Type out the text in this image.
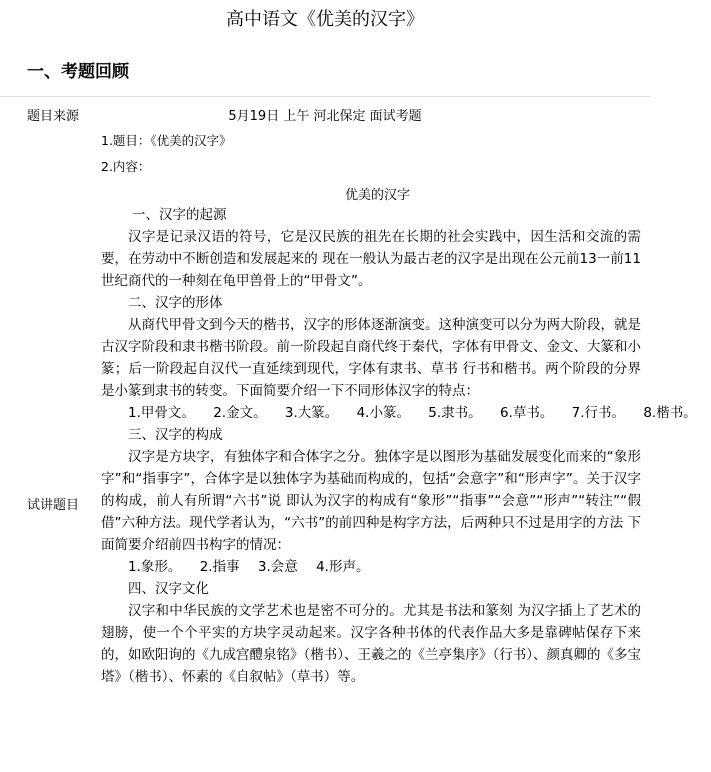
高中语文《优美的汉字》
一、考题回顾
题目来源	5月19日 上午 河北保定 面试考题
1.题目：《优美的汉字》
2.内容：
优美的汉字
试讲题目

一、汉字的起源

汉字是记录汉语的符号，它是汉民族的祖先在长期的社会实践中，因生活和交流的需要，在劳动中不断创造和发展起来的 现在一般认为最古老的汉字是出现在公元前13一前11世纪商代的一种刻在龟甲兽骨上的“甲骨文”。

二、汉字的形体

从商代甲骨文到今天的楷书，汉字的形体逐渐演变。这种演变可以分为两大阶段，就是古汉字阶段和隶书楷书阶段。前一阶段起自商代终于秦代，字体有甲骨文、金文、大篆和小篆；后一阶段起自汉代一直延续到现代，字体有隶书、草书 行书和楷书。两个阶段的分界是小篆到隶书的转变。下面简要介绍一下不同形体汉字的特点：

1.甲骨文。 2.金文。 3.大篆。 4.小篆。 5.隶书。 6.草书。 7.行书。 8.楷书。

三、汉字的构成

汉字是方块字，有独体字和合体字之分。独体字是以图形为基础发展变化而来的“象形字”和“指事字”，合体字是以独体字为基础而构成的，包括“会意字”和“形声字”。关于汉字的构成，前人有所谓“六书”说 即认为汉字的构成有“象形”“指事”“会意”“形声”“转注”“假借”六种方法。现代学者认为，“六书”的前四种是构字方法，后两种只不过是用字的方法 下面简要介绍前四书构字的情况：

1.象形。 2.指事 3.会意 4.形声。

四、汉字文化

汉字和中华民族的文学艺术也是密不可分的。尤其是书法和篆刻 为汉字插上了艺术的翅膀，使一个个平实的方块字灵动起来。汉字各种书体的代表作品大多是靠碑帖保存下来的，如欧阳询的《九成宫醴泉铭》（楷书）、王羲之的《兰亭集序》（行书）、颜真卿的《多宝塔》（楷书）、怀素的《自叙帖》（草书）等。
